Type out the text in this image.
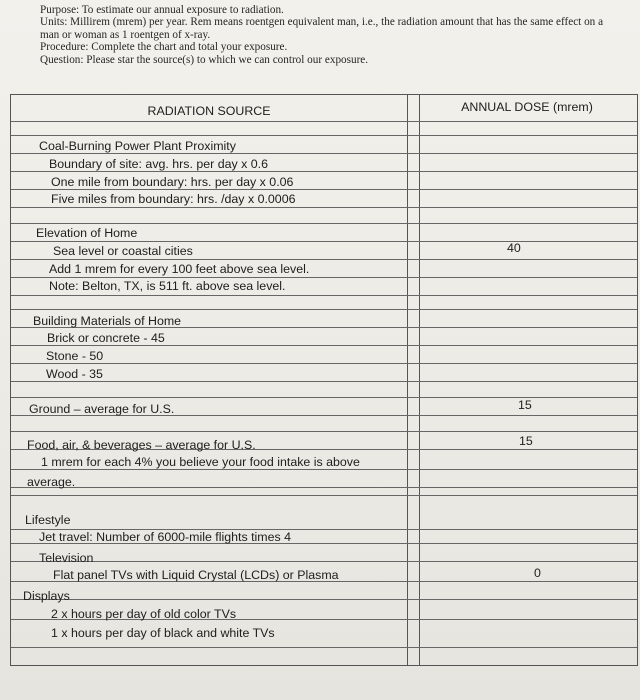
Purpose: To estimate our annual exposure to radiation.
Units: Millirem (mrem) per year. Rem means roentgen equivalent man, i.e., the radiation amount that has the same effect on a man or woman as 1 roentgen of x-ray.
Procedure: Complete the chart and total your exposure.
Question: Please star the source(s) to which we can control our exposure.
RADIATION SOURCE	ANNUAL DOSE (mrem)
Coal-Burning Power Plant Proximity
Boundary of site: avg. hrs. per day x 0.6
One mile from boundary: hrs. per day x 0.06
Five miles from boundary: hrs. /day x 0.0006
Elevation of Home
Sea level or coastal cities
Add 1 mrem for every 100 feet above sea level.
Note: Belton, TX, is 511 ft. above sea level.
40
Building Materials of Home
Brick or concrete - 45
Stone - 50
Wood - 35
Ground – average for U.S.	15
Food, air, & beverages – average for U.S.
1 mrem for each 4% you believe your food intake is above
average.
15
Lifestyle
Jet travel: Number of 6000-mile flights times 4
Television
Flat panel TVs with Liquid Crystal (LCDs) or Plasma
Displays
2 x hours per day of old color TVs
1 x hours per day of black and white TVs
0
